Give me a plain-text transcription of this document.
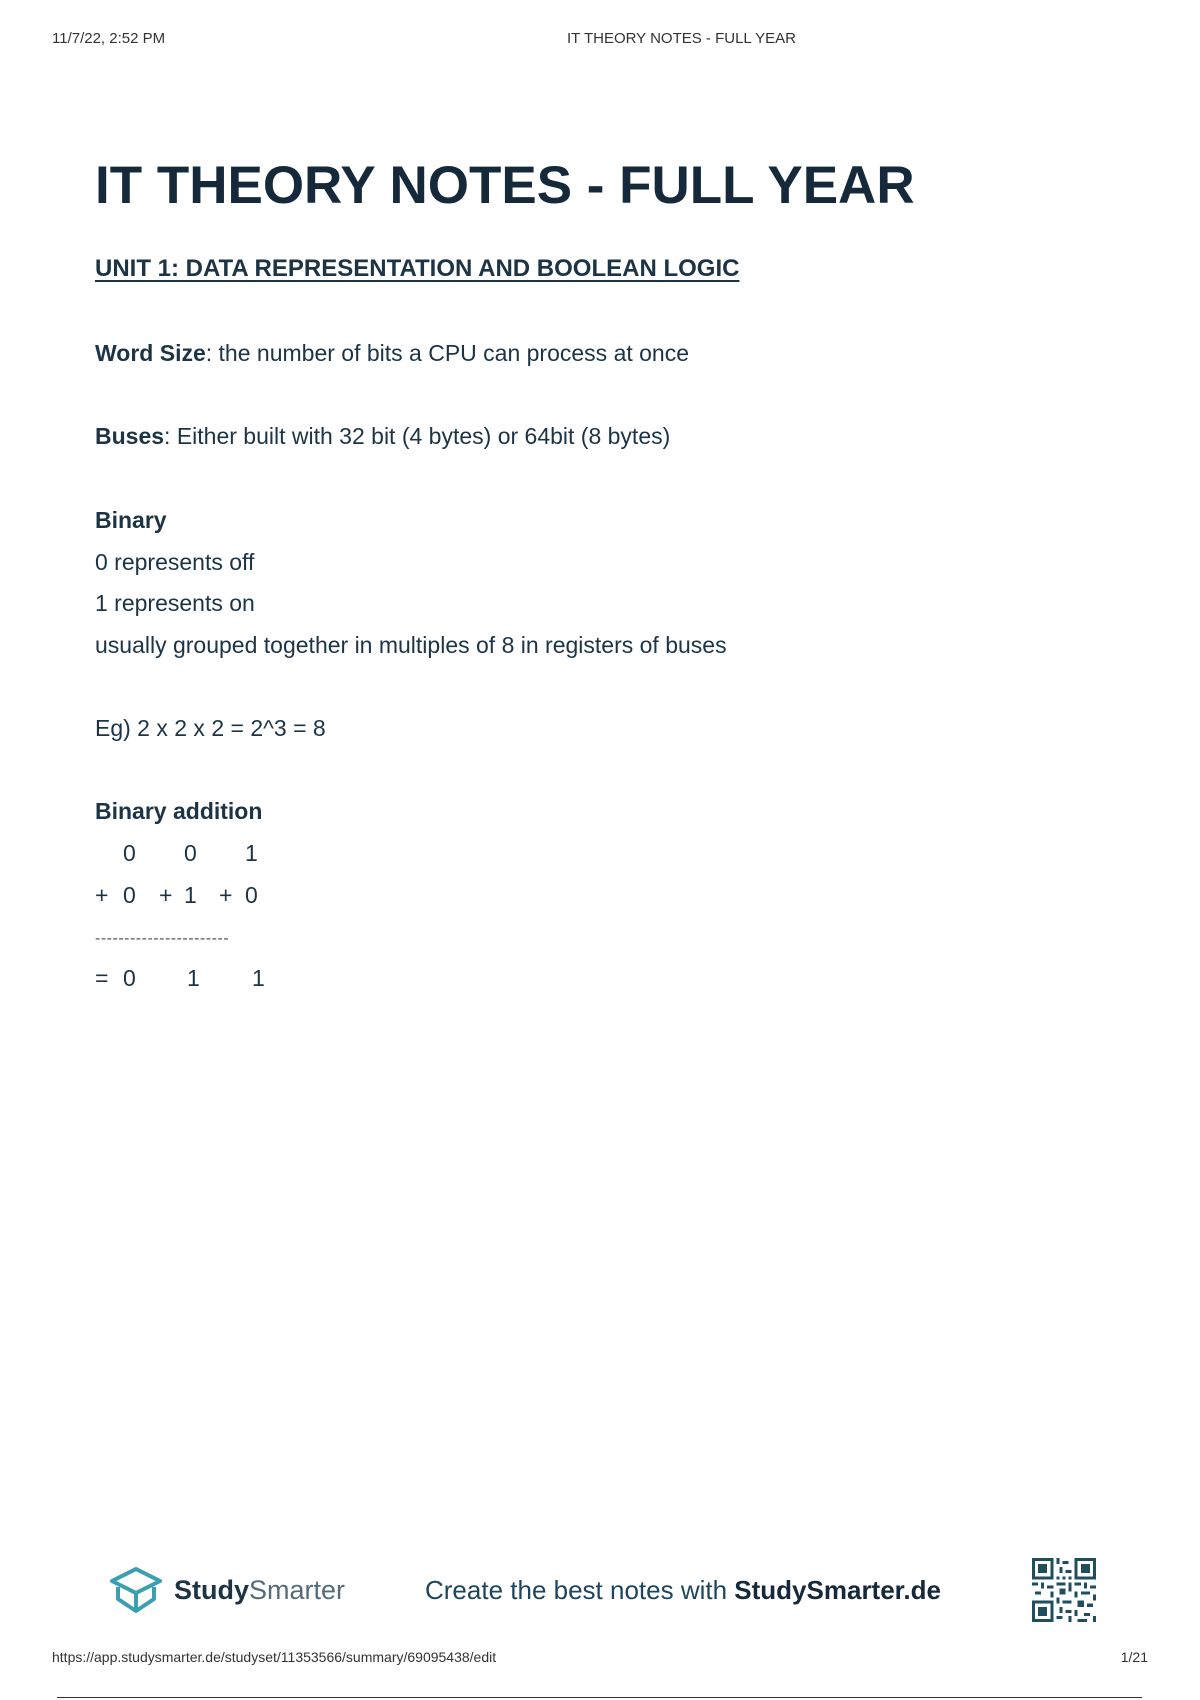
11/7/22, 2:52 PM	IT THEORY NOTES - FULL YEAR
IT THEORY NOTES - FULL YEAR
UNIT 1: DATA REPRESENTATION AND BOOLEAN LOGIC

Word Size: the number of bits a CPU can process at once

Buses: Either built with 32 bit (4 bytes) or 64bit (8 bytes)

Binary

0 represents off

1 represents on

usually grouped together in multiples of 8 in registers of buses

Eg) 2 x 2 x 2 = 2^3 = 8

Binary addition
0 0 1
+ 0 + 1 + 0
-----------------------
= 0 1 1
StudySmarter	Create the best notes with StudySmarter.de
https://app.studysmarter.de/studyset/11353566/summary/69095438/edit	1/21
